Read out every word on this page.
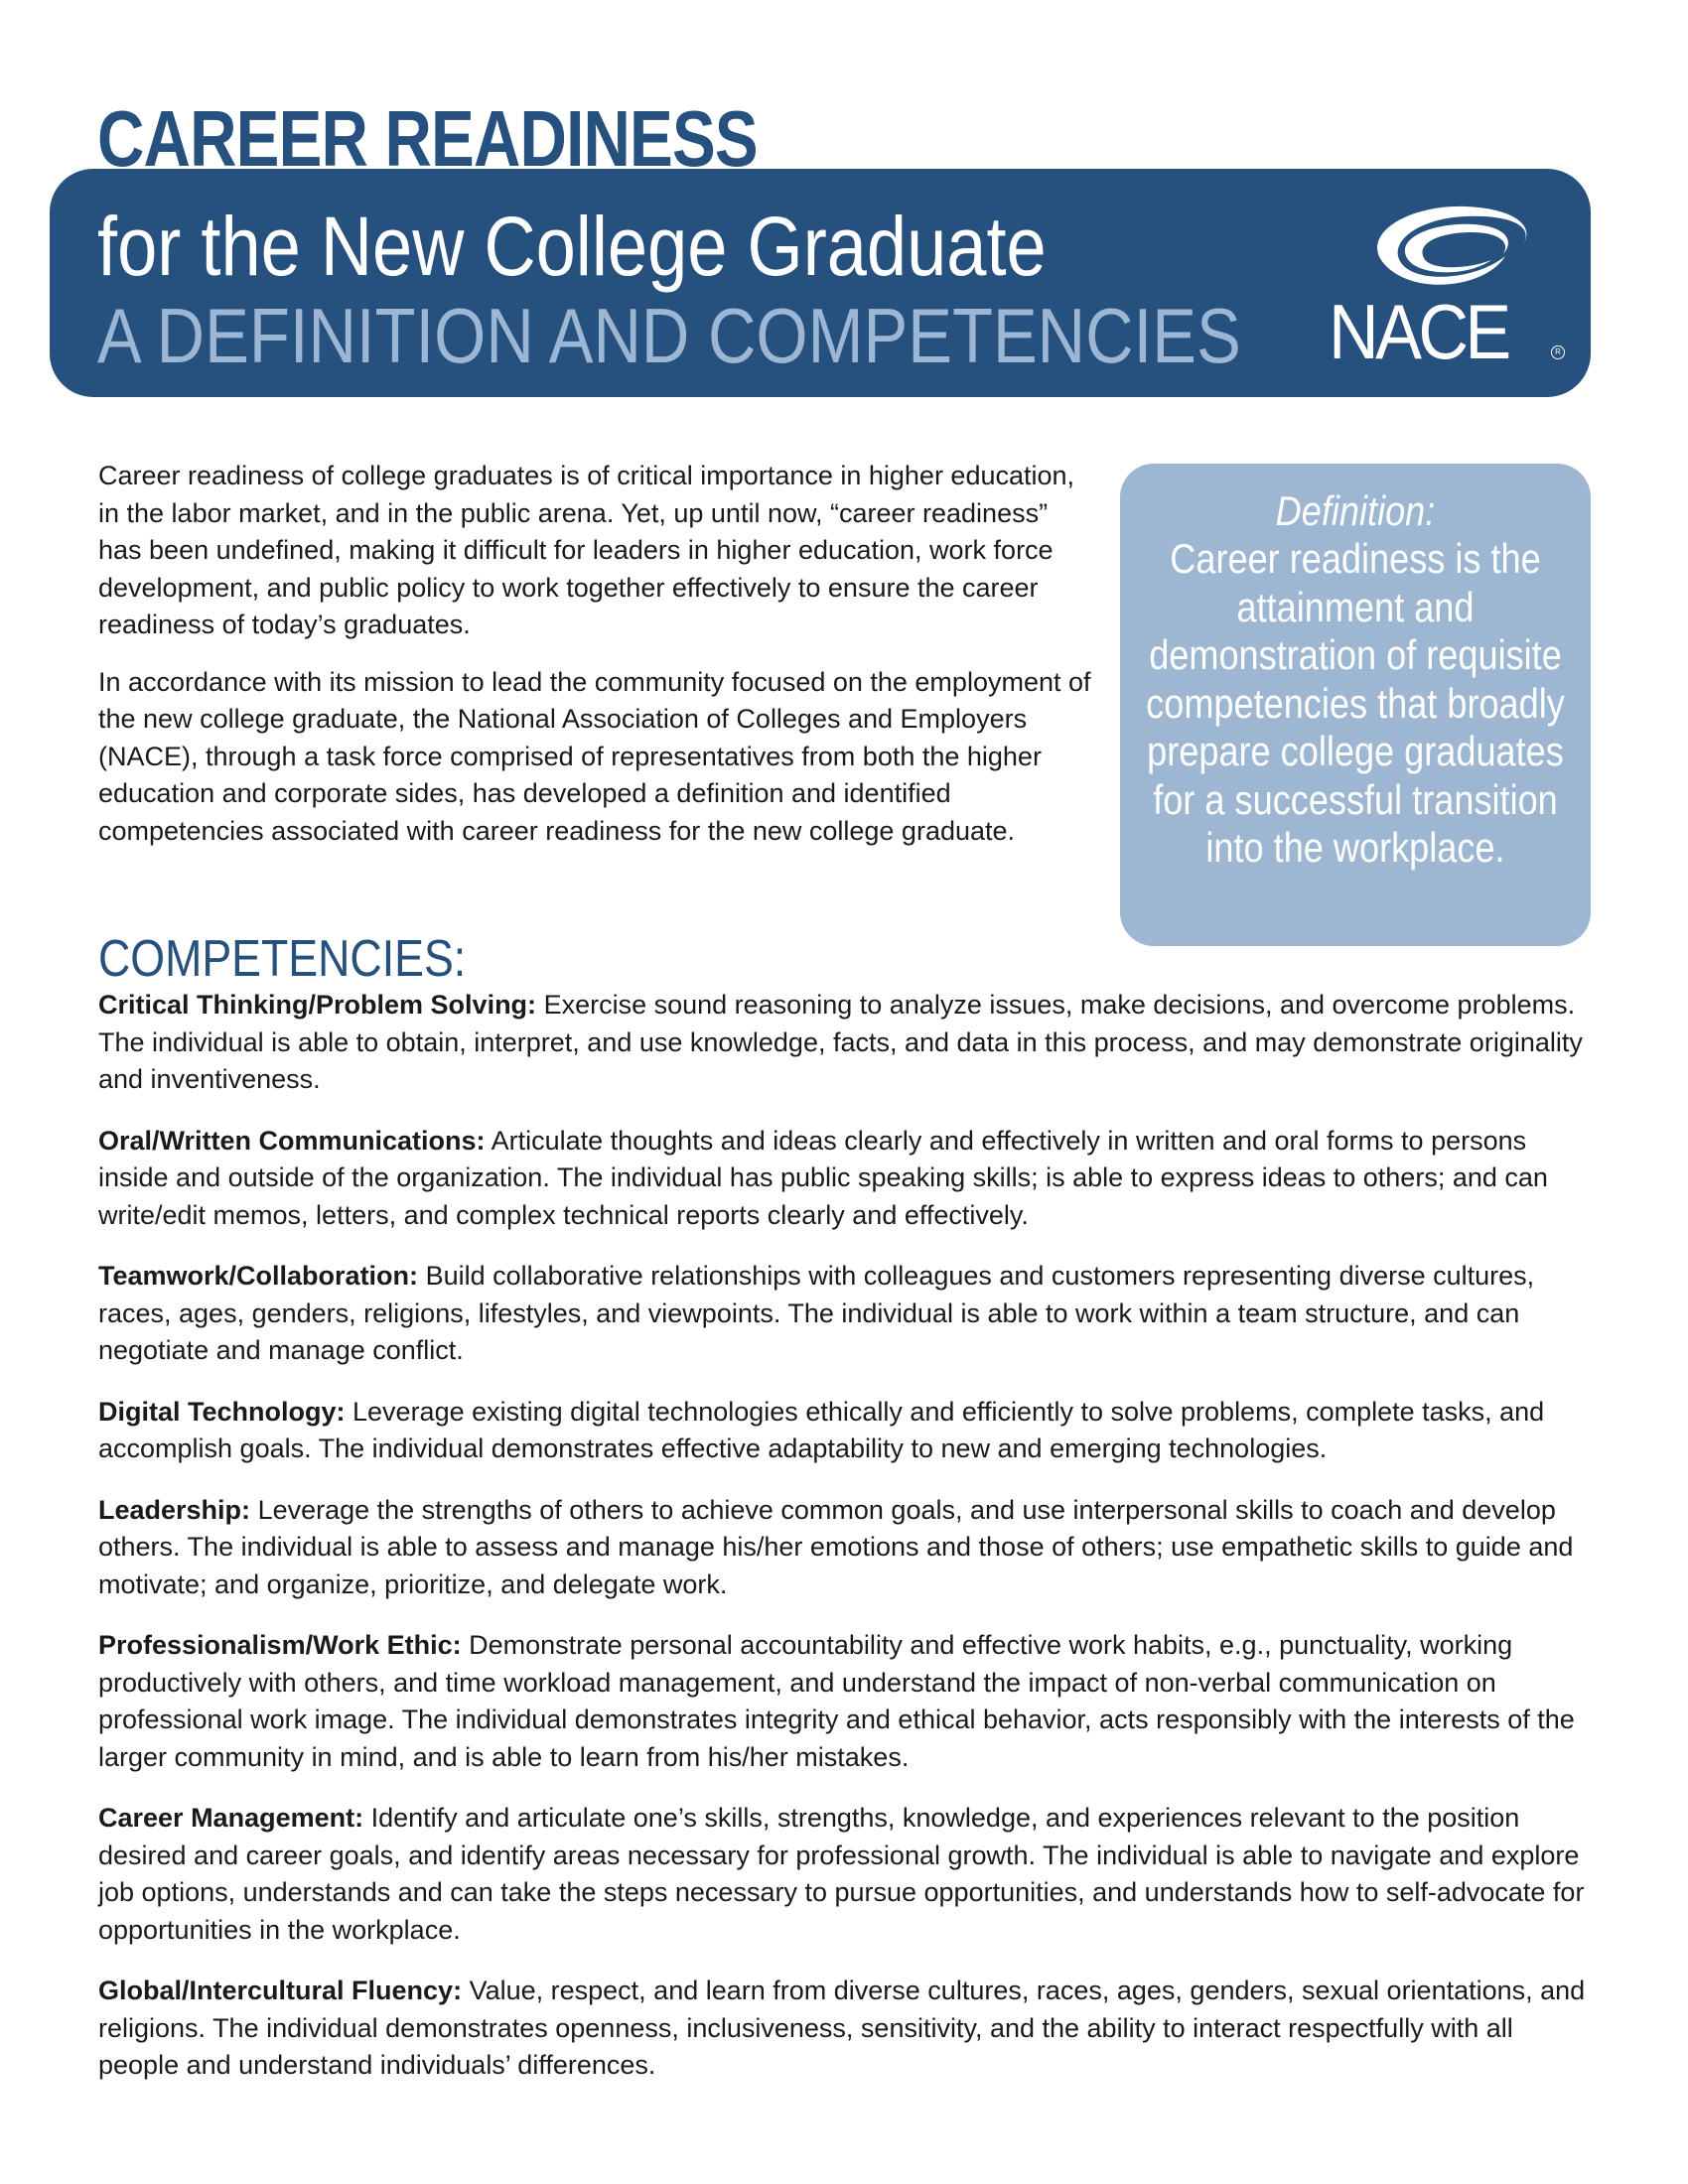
CAREER READINESS
for the New College Graduate
A DEFINITION AND COMPETENCIES NACE	R

Career readiness of college graduates is of critical importance in higher education, in the labor market, and in the public arena. Yet, up until now, “career readiness” has been undefined, making it difficult for leaders in higher education, work force development, and public policy to work together effectively to ensure the career readiness of today’s graduates.

In accordance with its mission to lead the community focused on the employment of the new college graduate, the National Association of Colleges and Employers (NACE), through a task force comprised of representatives from both the higher education and corporate sides, has developed a definition and identified competencies associated with career readiness for the new college graduate.

Definition:
Career readiness is the attainment and demonstration of requisite competencies that broadly prepare college graduates for a successful transition into the workplace.
COMPETENCIES:

Critical Thinking/Problem Solving: Exercise sound reasoning to analyze issues, make decisions, and overcome problems. The individual is able to obtain, interpret, and use knowledge, facts, and data in this process, and may demonstrate originality and inventiveness.

Oral/Written Communications: Articulate thoughts and ideas clearly and effectively in written and oral forms to persons inside and outside of the organization. The individual has public speaking skills; is able to express ideas to others; and can write/edit memos, letters, and complex technical reports clearly and effectively.

Teamwork/Collaboration: Build collaborative relationships with colleagues and customers representing diverse cultures, races, ages, genders, religions, lifestyles, and viewpoints. The individual is able to work within a team structure, and can negotiate and manage conflict.

Digital Technology: Leverage existing digital technologies ethically and efficiently to solve problems, complete tasks, and accomplish goals. The individual demonstrates effective adaptability to new and emerging technologies.

Leadership: Leverage the strengths of others to achieve common goals, and use interpersonal skills to coach and develop others. The individual is able to assess and manage his/her emotions and those of others; use empathetic skills to guide and motivate; and organize, prioritize, and delegate work.

Professionalism/Work Ethic: Demonstrate personal accountability and effective work habits, e.g., punctuality, working productively with others, and time workload management, and understand the impact of non-verbal communication on professional work image. The individual demonstrates integrity and ethical behavior, acts responsibly with the interests of the larger community in mind, and is able to learn from his/her mistakes.

Career Management: Identify and articulate one’s skills, strengths, knowledge, and experiences relevant to the position desired and career goals, and identify areas necessary for professional growth. The individual is able to navigate and explore job options, understands and can take the steps necessary to pursue opportunities, and understands how to self-advocate for opportunities in the workplace.

Global/Intercultural Fluency: Value, respect, and learn from diverse cultures, races, ages, genders, sexual orientations, and religions. The individual demonstrates openness, inclusiveness, sensitivity, and the ability to interact respectfully with all people and understand individuals’ differences.
